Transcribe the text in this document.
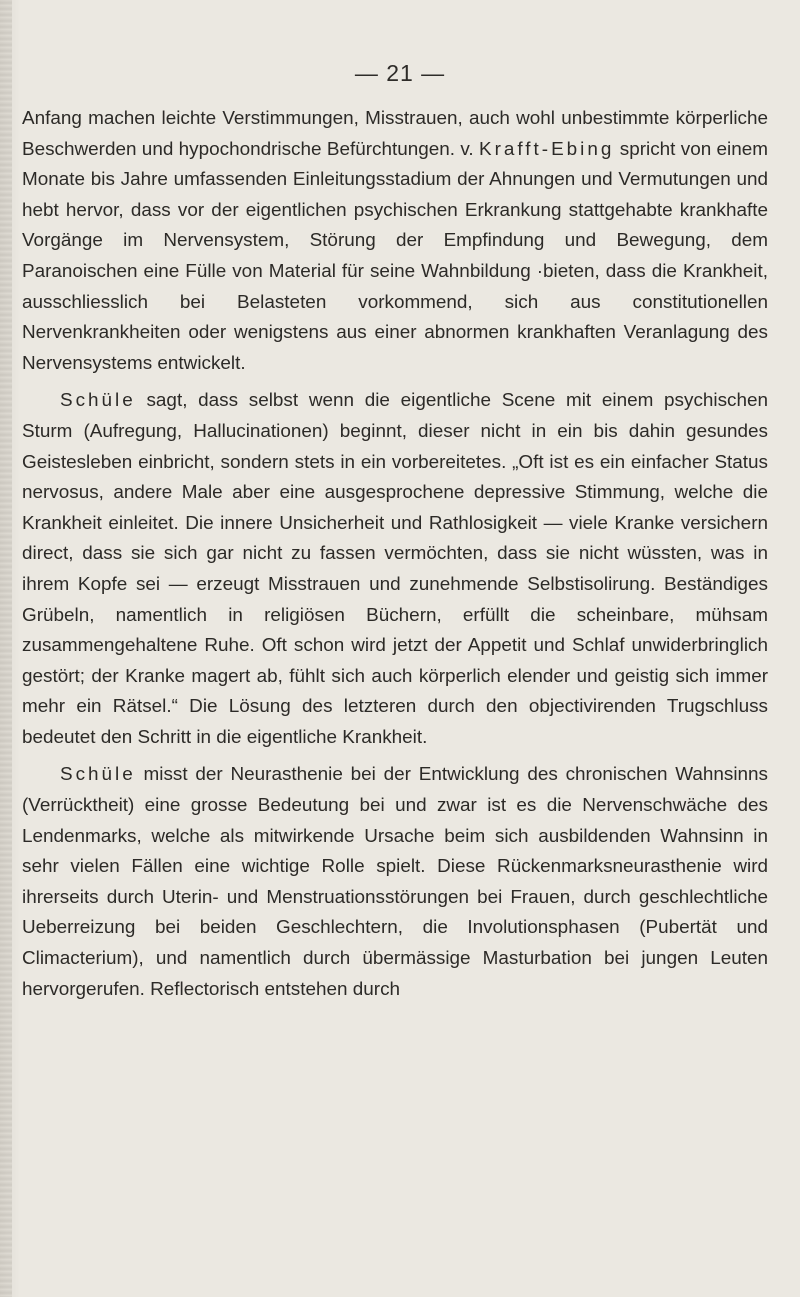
— 21 —

Anfang machen leichte Verstimmungen, Misstrauen, auch wohl unbestimmte körperliche Beschwerden und hypochondrische Befürchtungen. v. Krafft-Ebing spricht von einem Monate bis Jahre umfassenden Einleitungsstadium der Ahnungen und Vermutungen und hebt hervor, dass vor der eigentlichen psychischen Erkrankung stattgehabte krankhafte Vorgänge im Nervensystem, Störung der Empfindung und Bewegung, dem Paranoischen eine Fülle von Material für seine Wahnbildung ·bieten, dass die Krankheit, ausschliesslich bei Belasteten vorkommend, sich aus constitutionellen Nervenkrankheiten oder wenigstens aus einer abnormen krankhaften Veranlagung des Nervensystems entwickelt.

Schüle sagt, dass selbst wenn die eigentliche Scene mit einem psychischen Sturm (Aufregung, Hallucinationen) beginnt, dieser nicht in ein bis dahin gesundes Geistesleben einbricht, sondern stets in ein vorbereitetes. „Oft ist es ein einfacher Status nervosus, andere Male aber eine ausgesprochene depressive Stimmung, welche die Krankheit einleitet. Die innere Unsicherheit und Rathlosigkeit — viele Kranke versichern direct, dass sie sich gar nicht zu fassen vermöchten, dass sie nicht wüssten, was in ihrem Kopfe sei — erzeugt Misstrauen und zunehmende Selbstisolirung. Beständiges Grübeln, namentlich in religiösen Büchern, erfüllt die scheinbare, mühsam zusammengehaltene Ruhe. Oft schon wird jetzt der Appetit und Schlaf unwiderbringlich gestört; der Kranke magert ab, fühlt sich auch körperlich elender und geistig sich immer mehr ein Rätsel.“ Die Lösung des letzteren durch den objectivirenden Trugschluss bedeutet den Schritt in die eigentliche Krankheit.

Schüle misst der Neurasthenie bei der Entwicklung des chronischen Wahnsinns (Verrücktheit) eine grosse Bedeutung bei und zwar ist es die Nervenschwäche des Lendenmarks, welche als mitwirkende Ursache beim sich ausbildenden Wahnsinn in sehr vielen Fällen eine wichtige Rolle spielt. Diese Rückenmarksneurasthenie wird ihrerseits durch Uterin- und Menstruationsstörungen bei Frauen, durch geschlechtliche Ueberreizung bei beiden Geschlechtern, die Involutionsphasen (Pubertät und Climacterium), und namentlich durch übermässige Masturbation bei jungen Leuten hervorgerufen. Reflectorisch entstehen durch
